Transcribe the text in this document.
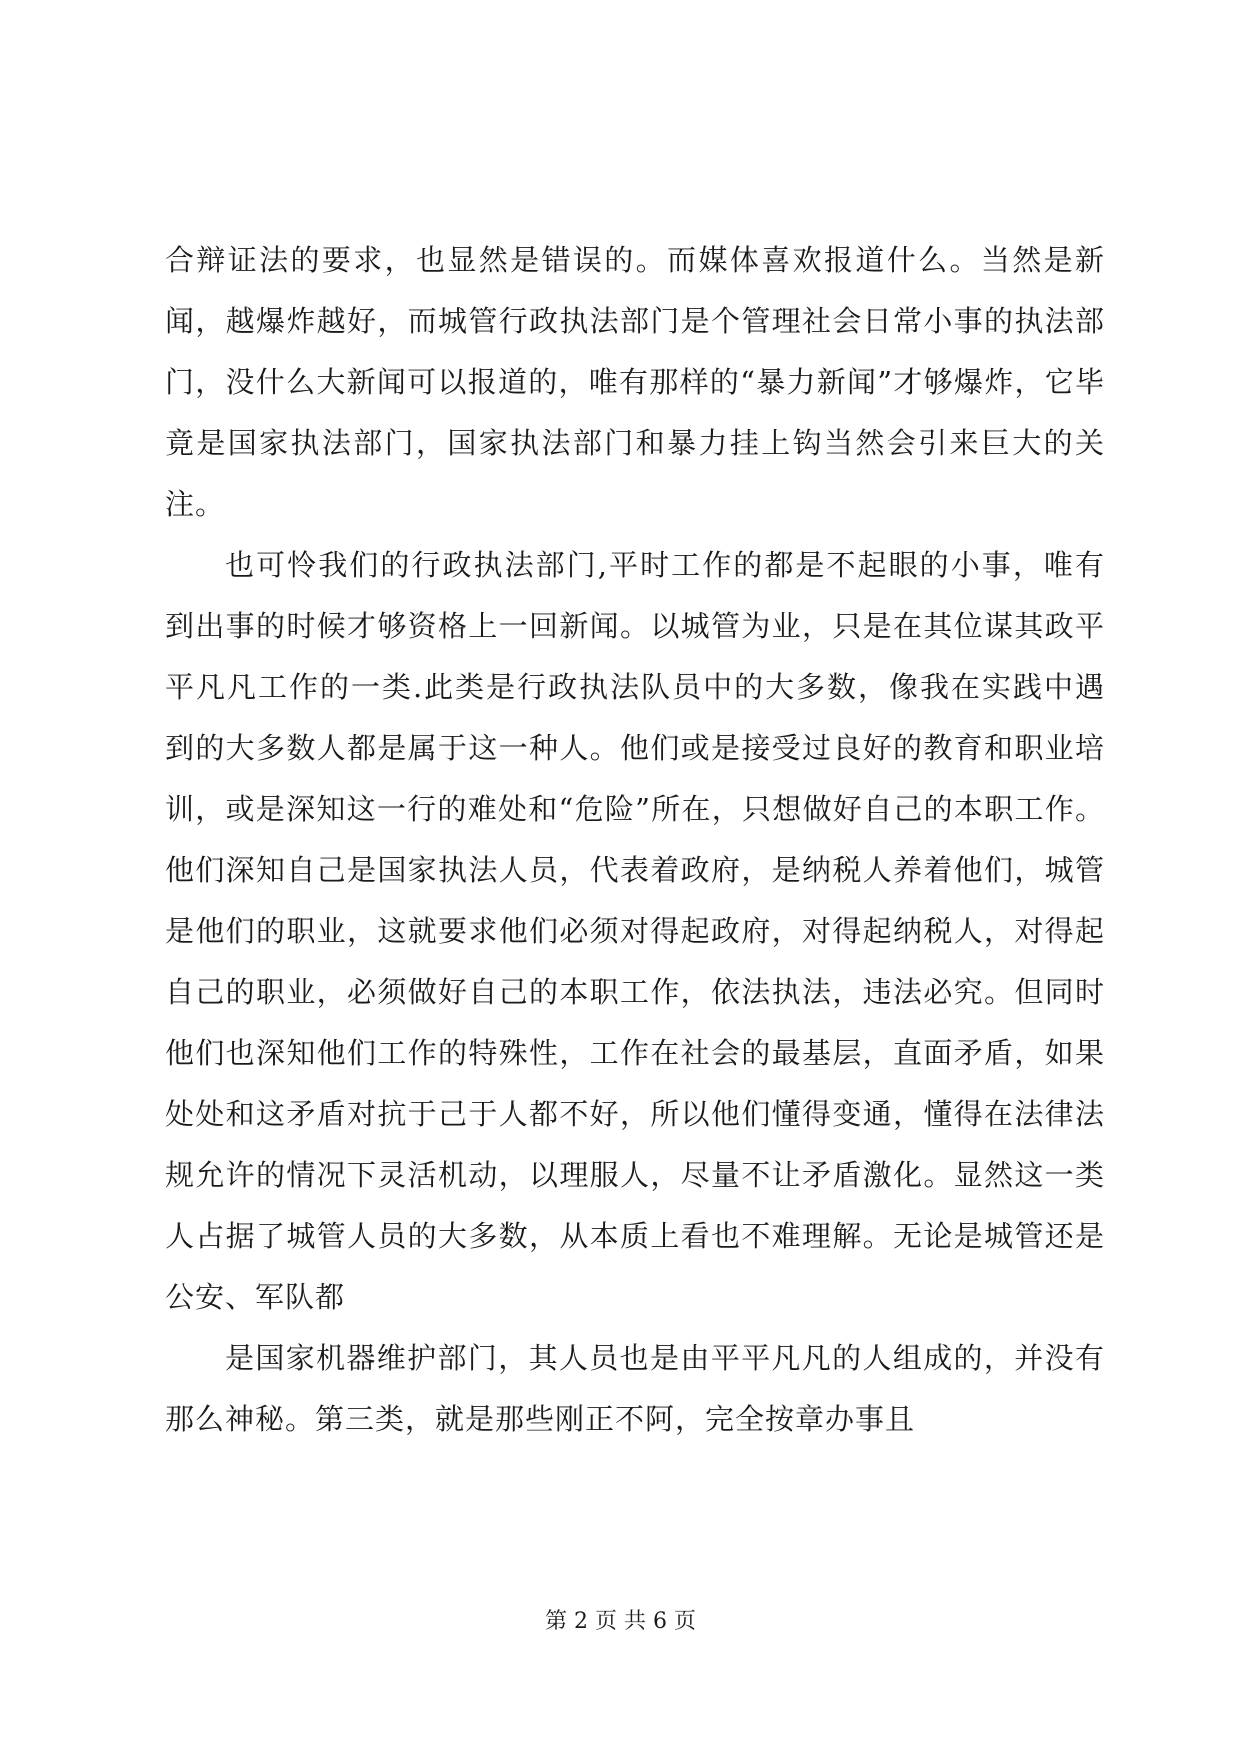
合辩证法的要求，也显然是错误的。而媒体喜欢报道什么。当然是新闻，越爆炸越好，而城管行政执法部门是个管理社会日常小事的执法部门，没什么大新闻可以报道的，唯有那样的“暴力新闻”才够爆炸，它毕竟是国家执法部门，国家执法部门和暴力挂上钩当然会引来巨大的关注。

也可怜我们的行政执法部门,平时工作的都是不起眼的小事，唯有到出事的时候才够资格上一回新闻。以城管为业，只是在其位谋其政平平凡凡工作的一类.此类是行政执法队员中的大多数，像我在实践中遇到的大多数人都是属于这一种人。他们或是接受过良好的教育和职业培训，或是深知这一行的难处和“危险”所在，只想做好自己的本职工作。他们深知自己是国家执法人员，代表着政府，是纳税人养着他们，城管是他们的职业，这就要求他们必须对得起政府，对得起纳税人，对得起自己的职业，必须做好自己的本职工作，依法执法，违法必究。但同时他们也深知他们工作的特殊性，工作在社会的最基层，直面矛盾，如果处处和这矛盾对抗于己于人都不好，所以他们懂得变通，懂得在法律法规允许的情况下灵活机动，以理服人，尽量不让矛盾激化。显然这一类人占据了城管人员的大多数，从本质上看也不难理解。无论是城管还是公安、军队都

是国家机器维护部门，其人员也是由平平凡凡的人组成的，并没有那么神秘。第三类，就是那些刚正不阿，完全按章办事且

第 2 页 共 6 页
